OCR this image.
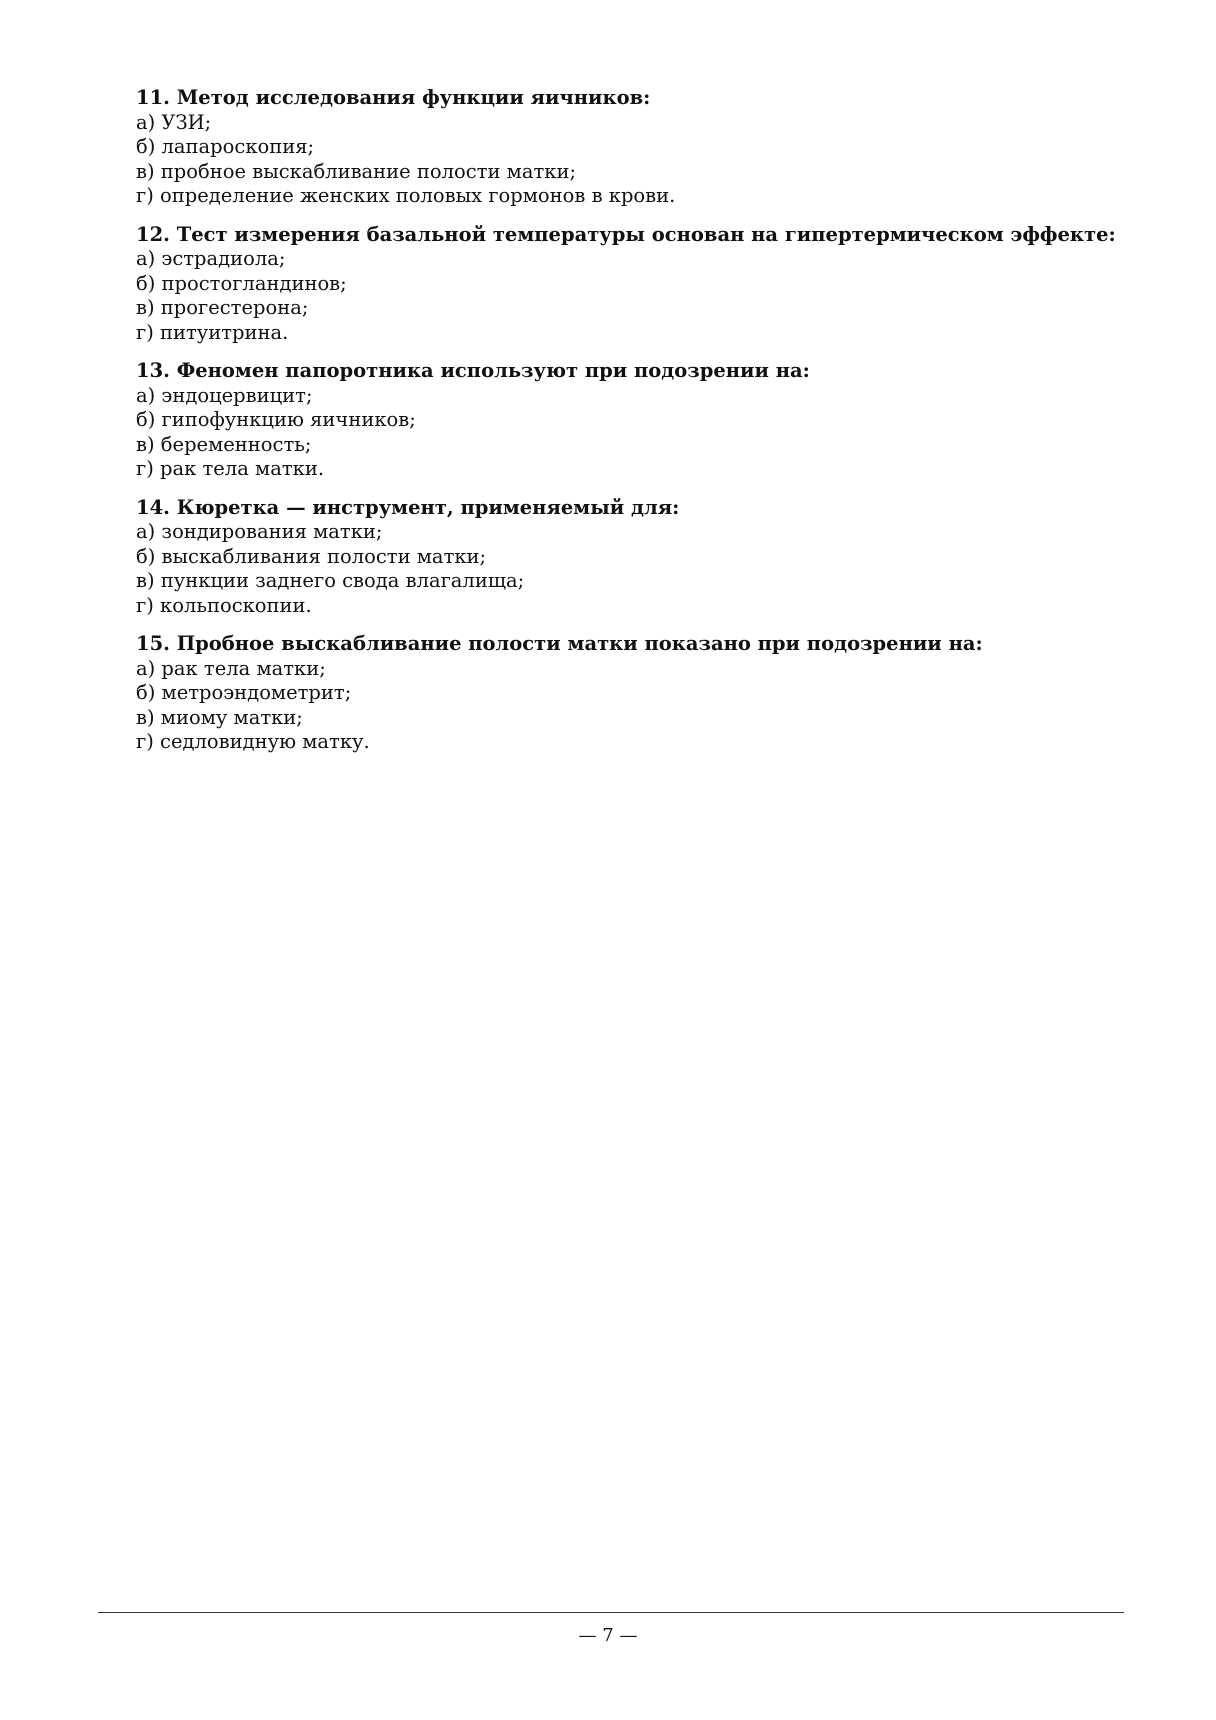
11. Метод исследования функции яичников:
а) УЗИ;
б) лапароскопия;
в) пробное выскабливание полости матки;
г) определение женских половых гормонов в крови.
12. Тест измерения базальной температуры основан на гипертермическом эффекте:
а) эстрадиола;
б) простогландинов;
в) прогестерона;
г) питуитрина.
13. Феномен папоротника используют при подозрении на:
а) эндоцервицит;
б) гипофункцию яичников;
в) беременность;
г) рак тела матки.
14. Кюретка — инструмент, применяемый для:
а) зондирования матки;
б) выскабливания полости матки;
в) пункции заднего свода влагалища;
г) кольпоскопии.
15. Пробное выскабливание полости матки показано при подозрении на:
а) рак тела матки;
б) метроэндометрит;
в) миому матки;
г) седловидную матку.
— 7 —
